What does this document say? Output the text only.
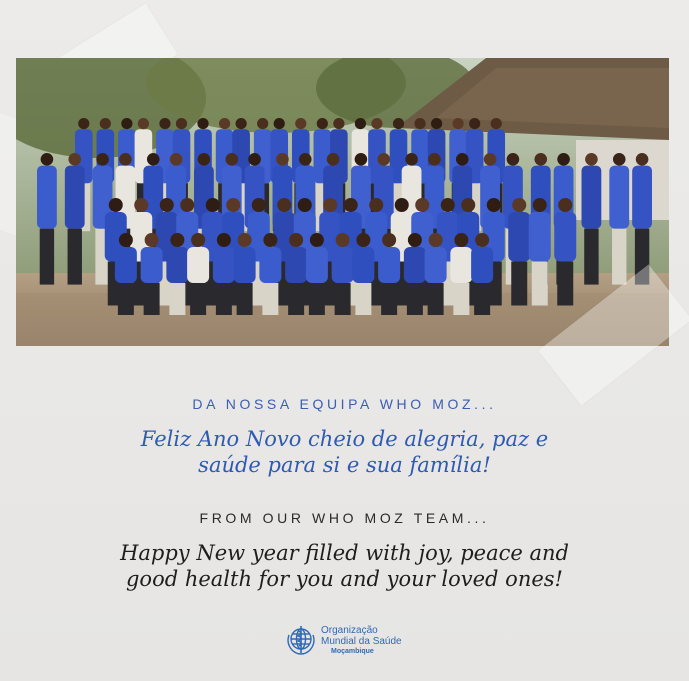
DA NOSSA EQUIPA WHO MOZ...
Feliz Ano Novo cheio de alegria, paz e
saúde para si e sua família!
FROM OUR WHO MOZ TEAM...
Happy New year filled with joy, peace and
good health for you and your loved ones!
Organização
Mundial da Saúde
Moçambique
